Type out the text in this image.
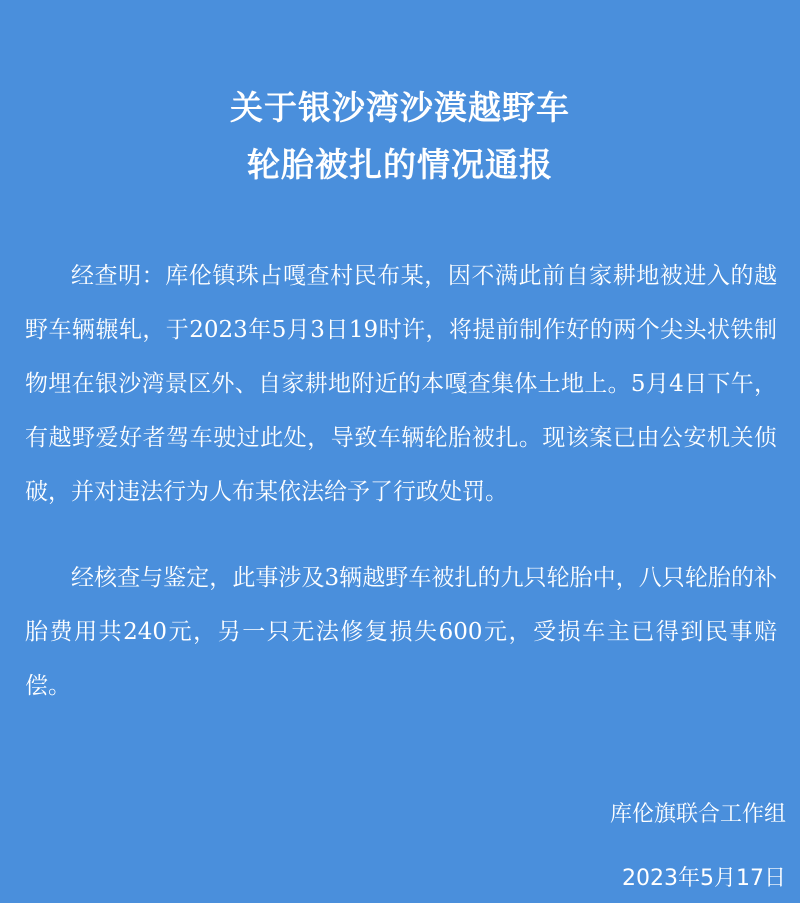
关于银沙湾沙漠越野车
轮胎被扎的情况通报

经查明：库伦镇珠占嘎查村民布某，因不满此前自家耕地被进入的越野车辆辗轧，于2023年5月3日19时许，将提前制作好的两个尖头状铁制物埋在银沙湾景区外、自家耕地附近的本嘎查集体土地上。5月4日下午，有越野爱好者驾车驶过此处，导致车辆轮胎被扎。现该案已由公安机关侦破，并对违法行为人布某依法给予了行政处罚。

经核查与鉴定，此事涉及3辆越野车被扎的九只轮胎中，八只轮胎的补胎费用共240元，另一只无法修复损失600元，受损车主已得到民事赔偿。

库伦旗联合工作组
2023年5月17日
